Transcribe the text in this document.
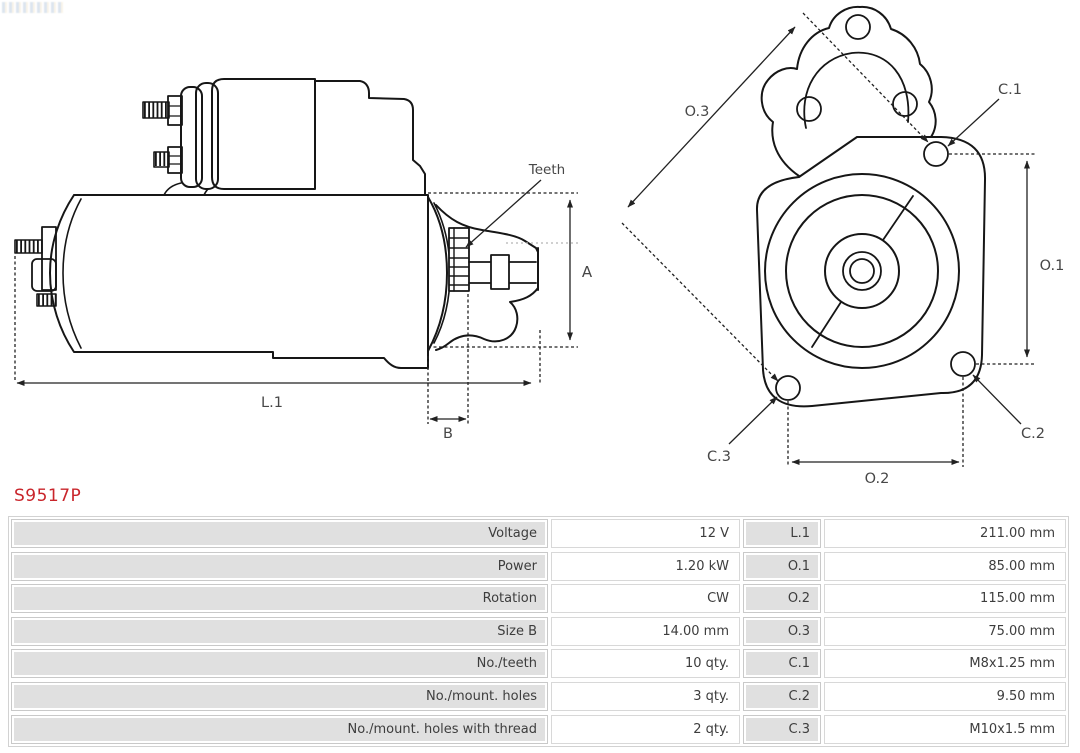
Teeth
A
L.1
B
O.3
C.1
O.1
C.2
C.3
O.2
S9517P
Voltage	12 V	L.1	211.00 mm
Power	1.20 kW	O.1	85.00 mm
Rotation	CW	O.2	115.00 mm
Size B	14.00 mm	O.3	75.00 mm
No./teeth	10 qty.	C.1	M8x1.25 mm
No./mount. holes	3 qty.	C.2	9.50 mm
No./mount. holes with thread	2 qty.	C.3	M10x1.5 mm
